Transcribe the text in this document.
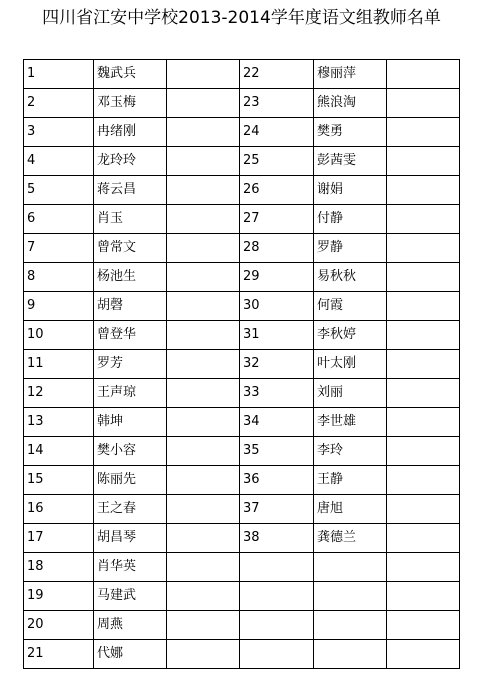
四川省江安中学校2013-2014学年度语文组教师名单
1	魏武兵		22	穆丽萍	
2	邓玉梅		23	熊浪淘	
3	冉绪刚		24	樊勇	
4	龙玲玲		25	彭茜雯	
5	蒋云昌		26	谢娟	
6	肖玉		27	付静	
7	曾常文		28	罗静	
8	杨池生		29	易秋秋	
9	胡磬		30	何霞	
10	曾登华		31	李秋婷	
11	罗芳		32	叶太刚	
12	王声琼		33	刘丽	
13	韩坤		34	李世雄	
14	樊小容		35	李玲	
15	陈丽先		36	王静	
16	王之春		37	唐旭	
17	胡昌琴		38	龚德兰	
18	肖华英				
19	马建武				
20	周燕				
21	代娜				
